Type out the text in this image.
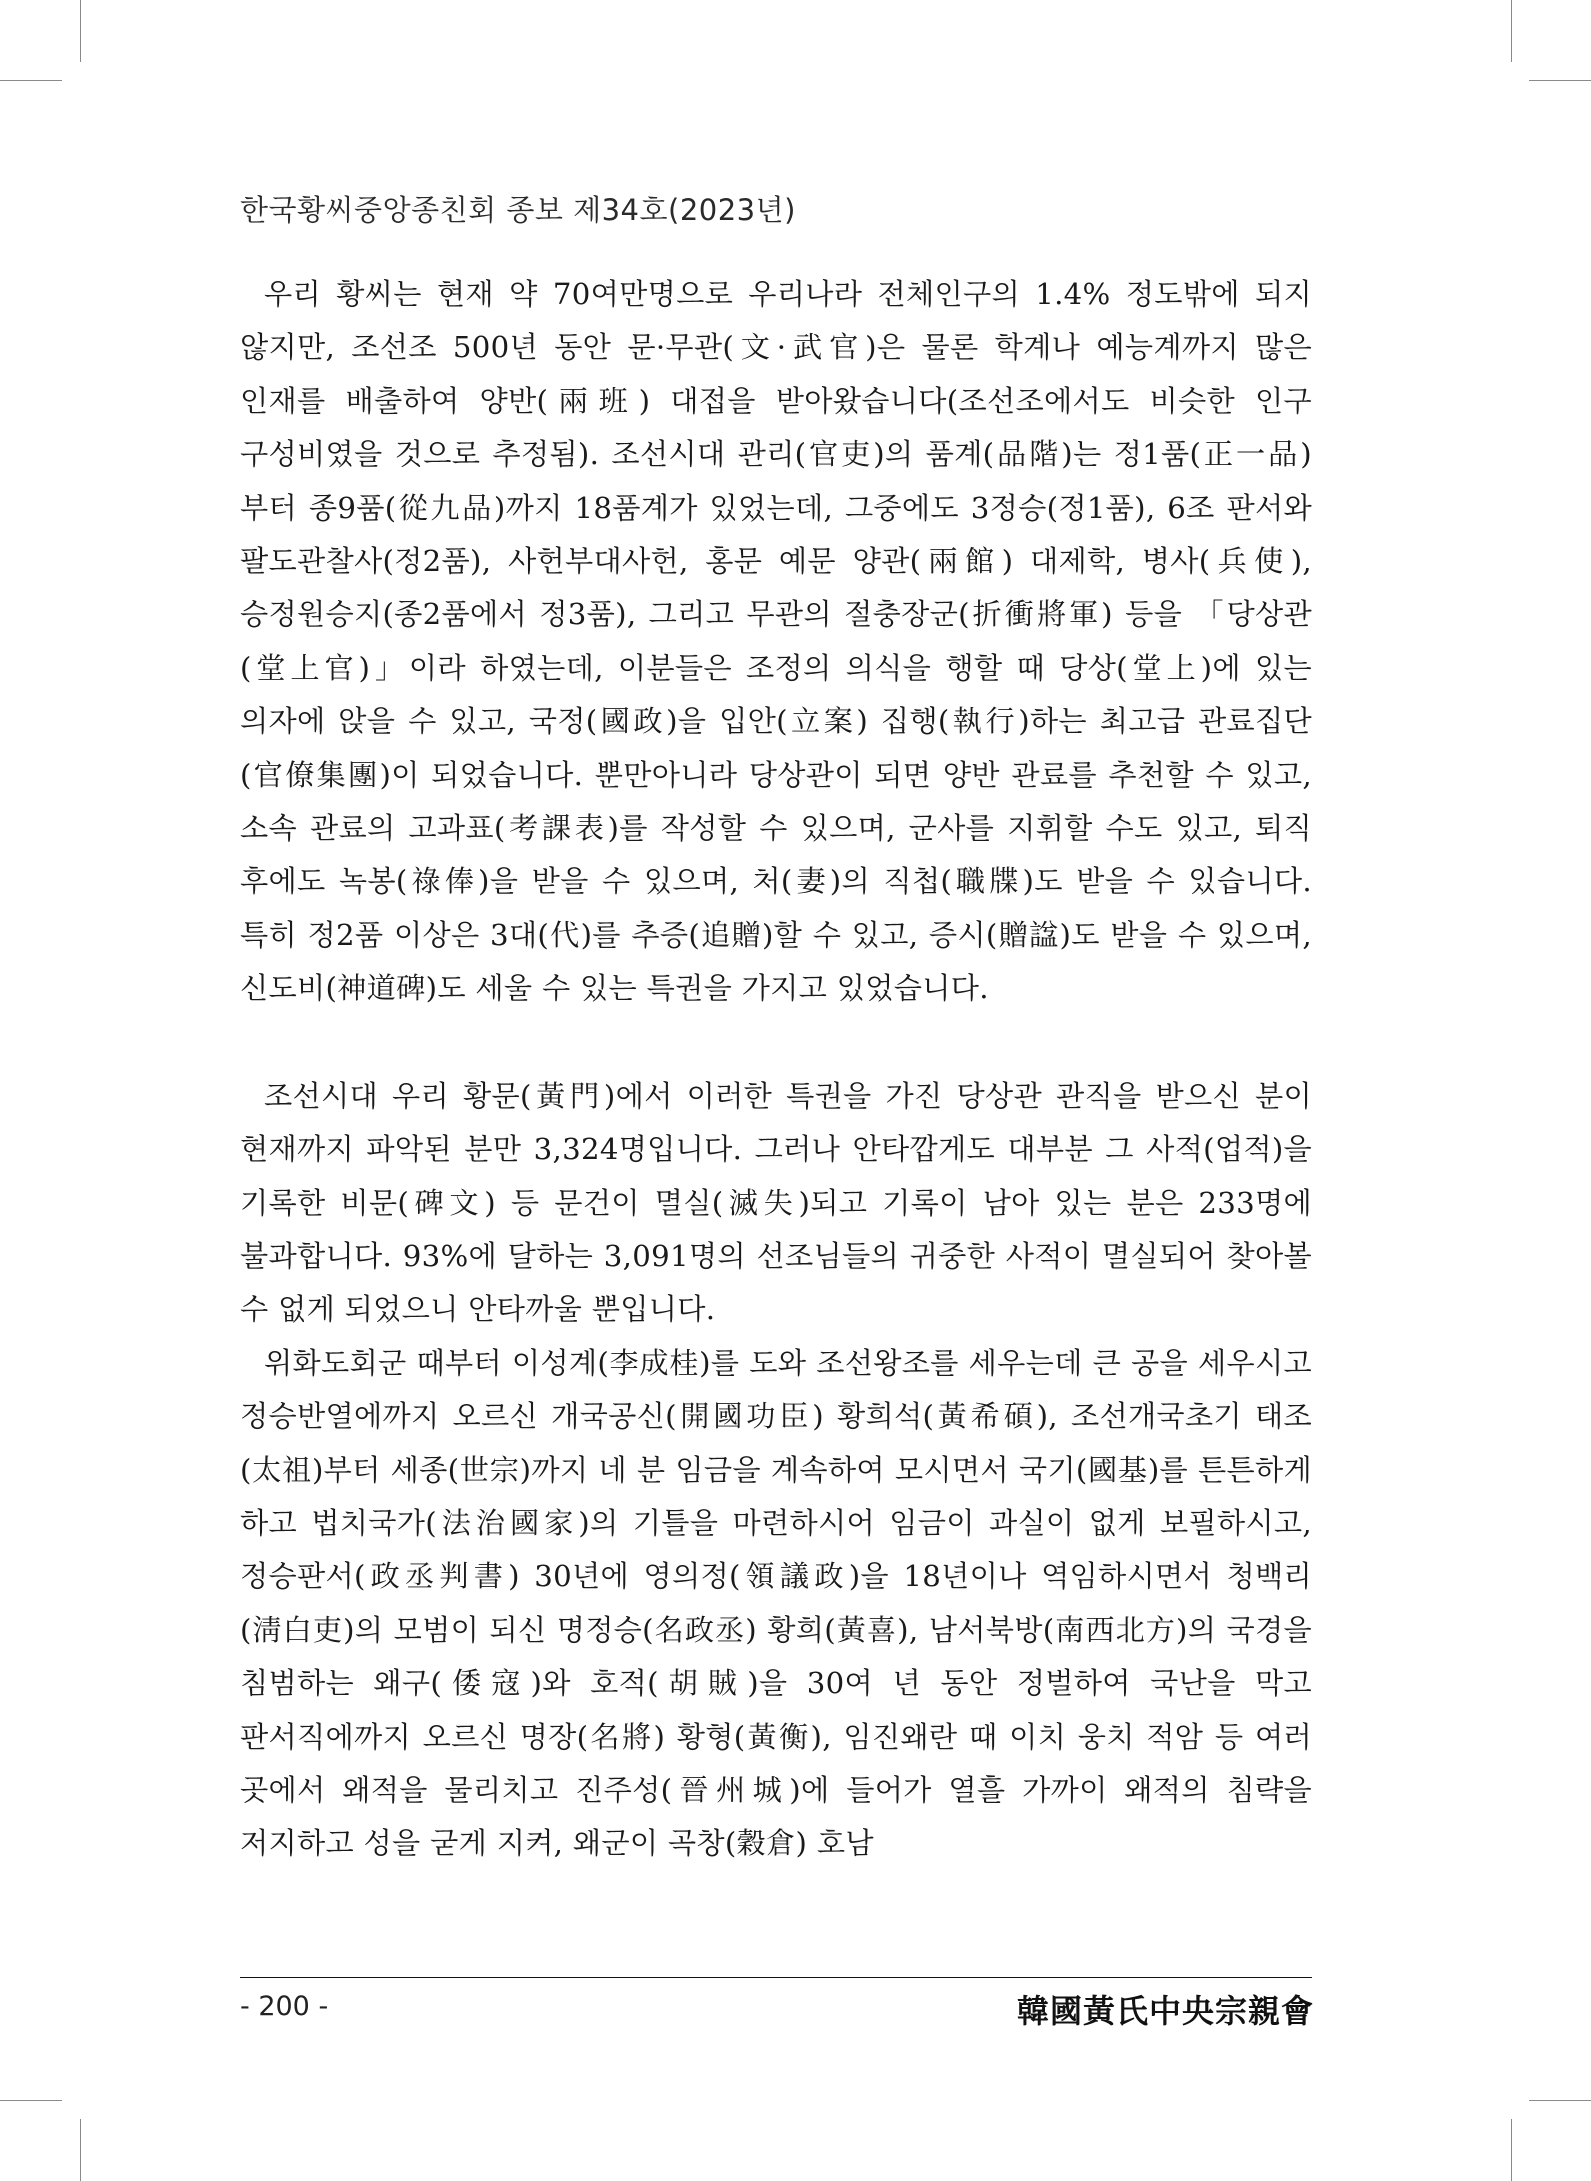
한국황씨중앙종친회 종보 제34호(2023년)

우리 황씨는 현재 약 70여만명으로 우리나라 전체인구의 1.4% 정도밖에 되지 않지만, 조선조 500년 동안 문·무관(文·武官)은 물론 학계나 예능계까지 많은 인재를 배출하여 양반(兩班) 대접을 받아왔습니다(조선조에서도 비슷한 인구 구성비였을 것으로 추정됨). 조선시대 관리(官吏)의 품계(品階)는 정1품(正一品)부터 종9품(從九品)까지 18품계가 있었는데, 그중에도 3정승(정1품), 6조 판서와 팔도관찰사(정2품), 사헌부대사헌, 홍문 예문 양관(兩館) 대제학, 병사(兵使), 승정원승지(종2품에서 정3품), 그리고 무관의 절충장군(折衝將軍) 등을 「당상관(堂上官)」이라 하였는데, 이분들은 조정의 의식을 행할 때 당상(堂上)에 있는 의자에 앉을 수 있고, 국정(國政)을 입안(立案) 집행(執行)하는 최고급 관료집단(官僚集團)이 되었습니다. 뿐만아니라 당상관이 되면 양반 관료를 추천할 수 있고, 소속 관료의 고과표(考課表)를 작성할 수 있으며, 군사를 지휘할 수도 있고, 퇴직 후에도 녹봉(祿俸)을 받을 수 있으며, 처(妻)의 직첩(職牒)도 받을 수 있습니다. 특히 정2품 이상은 3대(代)를 추증(追贈)할 수 있고, 증시(贈諡)도 받을 수 있으며, 신도비(神道碑)도 세울 수 있는 특권을 가지고 있었습니다.

조선시대 우리 황문(黃門)에서 이러한 특권을 가진 당상관 관직을 받으신 분이 현재까지 파악된 분만 3,324명입니다. 그러나 안타깝게도 대부분 그 사적(업적)을 기록한 비문(碑文) 등 문건이 멸실(滅失)되고 기록이 남아 있는 분은 233명에 불과합니다. 93%에 달하는 3,091명의 선조님들의 귀중한 사적이 멸실되어 찾아볼 수 없게 되었으니 안타까울 뿐입니다.

위화도회군 때부터 이성계(李成桂)를 도와 조선왕조를 세우는데 큰 공을 세우시고 정승반열에까지 오르신 개국공신(開國功臣) 황희석(黃希碩), 조선개국초기 태조(太祖)부터 세종(世宗)까지 네 분 임금을 계속하여 모시면서 국기(國基)를 튼튼하게 하고 법치국가(法治國家)의 기틀을 마련하시어 임금이 과실이 없게 보필하시고, 정승판서(政丞判書) 30년에 영의정(領議政)을 18년이나 역임하시면서 청백리(淸白吏)의 모범이 되신 명정승(名政丞) 황희(黃喜), 남서북방(南西北方)의 국경을 침범하는 왜구(倭寇)와 호적(胡賊)을 30여 년 동안 정벌하여 국난을 막고 판서직에까지 오르신 명장(名將) 황형(黃衡), 임진왜란 때 이치 웅치 적암 등 여러 곳에서 왜적을 물리치고 진주성(晉州城)에 들어가 열흘 가까이 왜적의 침략을 저지하고 성을 굳게 지켜, 왜군이 곡창(穀倉) 호남

- 200 -	韓國黃氏中央宗親會
